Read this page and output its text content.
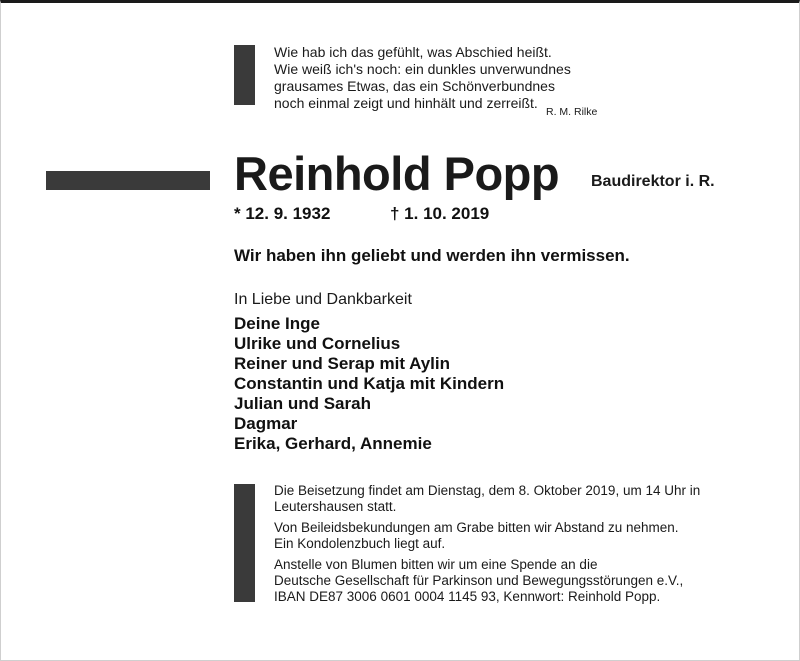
Wie hab ich das gefühlt, was Abschied heißt.
Wie weiß ich's noch: ein dunkles unverwundnes
grausames Etwas, das ein Schönverbundnes
noch einmal zeigt und hinhält und zerreißt.
R. M. Rilke
Reinhold Popp Baudirektor i. R.
* 12. 9. 1932	† 1. 10. 2019
Wir haben ihn geliebt und werden ihn vermissen.
In Liebe und Dankbarkeit
Deine Inge
Ulrike und Cornelius
Reiner und Serap mit Aylin
Constantin und Katja mit Kindern
Julian und Sarah
Dagmar
Erika, Gerhard, Annemie
Die Beisetzung findet am Dienstag, dem 8. Oktober 2019, um 14 Uhr in
Leutershausen statt.
Von Beileidsbekundungen am Grabe bitten wir Abstand zu nehmen.
Ein Kondolenzbuch liegt auf.
Anstelle von Blumen bitten wir um eine Spende an die
Deutsche Gesellschaft für Parkinson und Bewegungsstörungen e.V.,
IBAN DE87 3006 0601 0004 1145 93, Kennwort: Reinhold Popp.
